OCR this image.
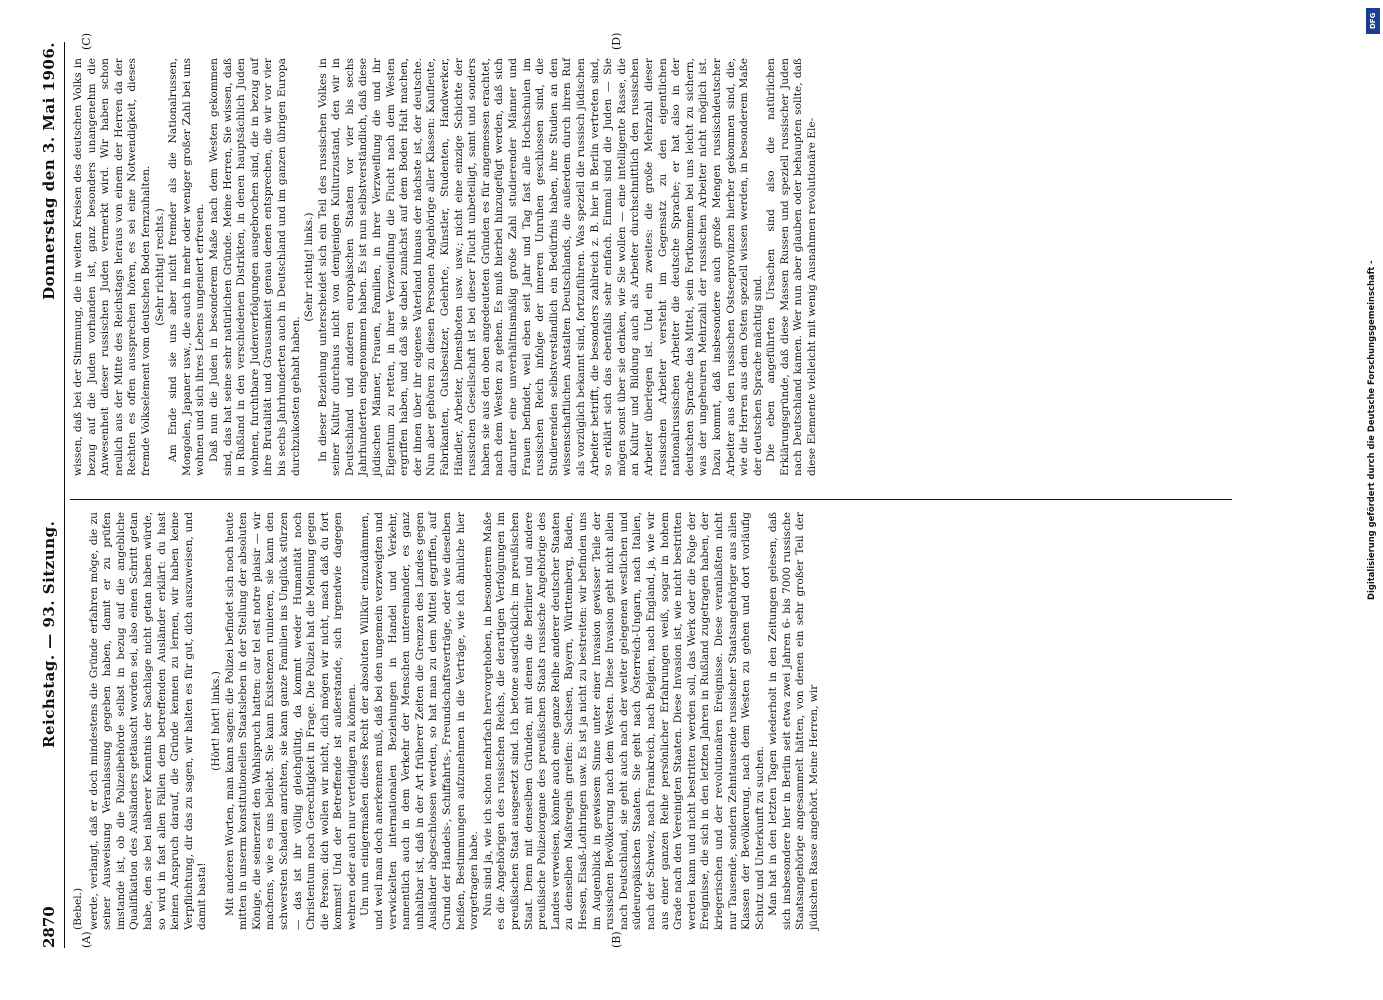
2870
Reichstag. — 93. Sitzung.
Donnerstag den 3. Mai 1906.
(A)	(B)
(C)	(D)
(Bebel.) werde, verlangt, daß er doch mindestens die Gründe erfahren möge, die zu seiner Ausweisung Veranlassung gegeben haben, damit er zu prüfen imstande ist, ob die Polizeibehörde selbst in bezug auf die angebliche Qualifikation des Ausländers getäuscht worden sei, also einen Schritt getan habe, den sie bei näherer Kenntnis der Sachlage nicht getan haben würde, so wird in fast allen Fällen dem betreffenden Ausländer erklärt: du hast keinen Anspruch darauf, die Gründe kennen zu lernen, wir haben keine Verpflichtung, dir das zu sagen, wir halten es für gut, dich auszuweisen, und damit basta!

(Hört! hört! links.) Mit anderen Worten, man kann sagen: die Polizei befindet sich noch heute mitten in unserm konstitutionellen Staatsleben in der Stellung der absoluten Könige, die seinerzeit den Wahlspruch hatten: car tel est notre plaisir — wir machens, wie es uns beliebt. Sie kann Existenzen ruinieren, sie kann den schwersten Schaden anrichten, sie kann ganze Familien ins Unglück stürzen — das ist ihr völlig gleichgültig, da kommt weder Humanität noch Christentum noch Gerechtigkeit in Frage. Die Polizei hat die Meinung gegen die Person: dich wollen wir nicht, dich mögen wir nicht, mach daß du fort kommst! Und der Betreffende ist außerstande, sich irgendwie dagegen wehren oder auch nur verteidigen zu können. Um nun einigermaßen dieses Recht der absoluten Willkür einzudämmen, und weil man doch anerkennen muß, daß bei den ungemein verzweigten und verwickelten internationalen Beziehungen in Handel und Verkehr, namentlich auch in dem Verkehr der Menschen untereinander, es ganz unhaltbar ist, daß in der Art früherer Zeiten die Grenzen des Landes gegen Ausländer abgeschlossen werden, so hat man zu dem Mittel gegriffen, auf Grund der Handels-, Schiffahrts-, Freundschaftsverträge, oder wie dieselben heißen, Bestimmungen aufzunehmen in die Verträge, wie ich ähnliche hier vorgetragen habe. Nun sind ja, wie ich schon mehrfach hervorgehoben, in besonderem Maße es die Angehörigen des russischen Reichs, die derartigen Verfolgungen im preußischen Staat ausgesetzt sind. Ich betone ausdrücklich: im preußischen Staat. Denn mit denselben Gründen, mit denen die Berliner und andere preußische Polizeiorgane des preußischen Staats russische Angehörige des Landes verweisen, könnte auch eine ganze Reihe anderer deutscher Staaten zu denselben Maßregeln greifen: Sachsen, Bayern, Württemberg, Baden, Hessen, Elsaß-Lothringen usw. Es ist ja nicht zu bestreiten: wir befinden uns im Augenblick in gewissem Sinne unter einer Invasion gewisser Teile der russischen Bevölkerung nach dem Westen. Diese Invasion geht nicht allein nach Deutschland, sie geht auch nach der weiter gelegenen westlichen und südeuropäischen Staaten. Sie geht nach Österreich-Ungarn, nach Italien, nach der Schweiz, nach Frankreich, nach Belgien, nach England, ja, wie wir aus einer ganzen Reihe persönlicher Erfahrungen weiß, sogar in hohem Grade nach den Vereinigten Staaten. Diese Invasion ist, wie nicht bestritten werden kann und nicht bestritten werden soll, das Werk oder die Folge der Ereignisse, die sich in den letzten Jahren in Rußland zugetragen haben, der kriegerischen und der revolutionären Ereignisse. Diese veranlaßten nicht nur Tausende, sondern Zehntausende russischer Staatsangehöriger aus allen Klassen der Bevölkerung, nach dem Westen zu gehen und dort vorläufig Schutz und Unterkunft zu suchen. Man hat in den letzten Tagen wiederholt in den Zeitungen gelesen, daß sich insbesondere hier in Berlin seit etwa zwei Jahren 6- bis 7000 russische Staatsangehörige angesammelt hätten, von denen ein sehr großer Teil der jüdischen Rasse angehört. Meine Herren, wir

wissen, daß bei der Stimmung, die in weiten Kreisen des deutschen Volks in bezug auf die Juden vorhanden ist, ganz besonders unangenehm die Anwesenheit dieser russischen Juden vermerkt wird. Wir haben schon neulich aus der Mitte des Reichstags heraus von einem der Herren da der Rechten es offen aussprechen hören, es sei eine Notwendigkeit, dieses fremde Volkselement vom deutschen Boden fernzuhalten. (Sehr richtig! rechts.) Am Ende sind sie uns aber nicht fremder als die Nationalrussen, Mongolen, Japaner usw., die auch in mehr oder weniger großer Zahl bei uns wohnen und sich ihres Lebens ungeniert erfreuen. Daß nun die Juden in besonderem Maße nach dem Westen gekommen sind, das hat seine sehr natürlichen Gründe. Meine Herren, Sie wissen, daß in Rußland in den verschiedenen Distrikten, in denen hauptsächlich Juden wohnen, furchtbare Judenverfolgungen ausgebrochen sind, die in bezug auf ihre Brutalität und Grausamkeit genau denen entsprechen, die wir vor vier bis sechs Jahrhunderten auch in Deutschland und im ganzen übrigen Europa durchzukosten gehabt haben.

(Sehr richtig! links.) In dieser Beziehung unterscheidet sich ein Teil des russischen Volkes in seiner Kultur durchaus nicht von demjenigen Kulturzustand, den wir in Deutschland und anderen europäischen Staaten vor vier bis sechs Jahrhunderten eingenommen haben. Es ist nun selbstverständlich, daß diese jüdischen Männer, Frauen, Familien, in ihrer Verzweiflung die und ihr Eigentum zu retten, in ihrer Verzweiflung die Flucht nach dem Westen ergriffen haben, und daß sie dabei zunächst auf dem Boden Halt machen, der ihnen über ihr eigenes Vaterland hinaus der nächste ist, der deutsche. Nun aber gehören zu diesen Personen Angehörige aller Klassen: Kaufleute, Fabrikanten, Gutsbesitzer, Gelehrte, Künstler, Studenten, Handwerker, Händler, Arbeiter, Dienstboten usw. usw.; nicht eine einzige Schichte der russischen Gesellschaft ist bei dieser Flucht unbeteiligt, samt und sonders haben sie aus den oben angedeuteten Gründen es für angemessen erachtet, nach dem Westen zu gehen. Es muß hierbei hinzugefügt werden, daß sich darunter eine unverhältnismäßig große Zahl studierender Männer und Frauen befindet, weil eben seit Jahr und Tag fast alle Hochschulen im russischen Reich infolge der inneren Unruhen geschlossen sind, die Studierenden selbstverständlich ein Bedürfnis haben, ihre Studien an den wissenschaftlichen Anstalten Deutschlands, die außerdem durch ihren Ruf als vorzüglich bekannt sind, fortzuführen. Was speziell die russisch jüdischen Arbeiter betrifft, die besonders zahlreich z. B. hier in Berlin vertreten sind, so erklärt sich das ebenfalls sehr einfach. Einmal sind die Juden — Sie mögen sonst über sie denken, wie Sie wollen — eine intelligente Rasse, die an Kultur und Bildung auch als Arbeiter durchschnittlich den russischen Arbeiter überlegen ist. Und ein zweites: die große Mehrzahl dieser russischen Arbeiter versteht im Gegensatz zu den eigentlichen nationalrussischen Arbeiter die deutsche Sprache; er hat also in der deutschen Sprache das Mittel, sein Fortkommen bei uns leicht zu sichern, was der ungeheuren Mehrzahl der russischen Arbeiter nicht möglich ist. Dazu kommt, daß insbesondere auch große Mengen russischdeutscher Arbeiter aus den russischen Ostseeprovinzen hierher gekommen sind, die, wie die Herren aus dem Osten speziell wissen werden, in besonderem Maße der deutschen Sprache mächtig sind. Die eben angeführten Ursachen sind also die natürlichen Erklärungsgründe, daß diese Massen Russen und speziell russischer Juden nach Deutschland kamen. Wer nun aber glauben oder behaupten sollte, daß diese Elemente vielleicht mit wenig Ausnahmen revolutionäre Ele-

DFG
Digitalisierung gefördert durch die Deutsche Forschungsgemeinschaft -
